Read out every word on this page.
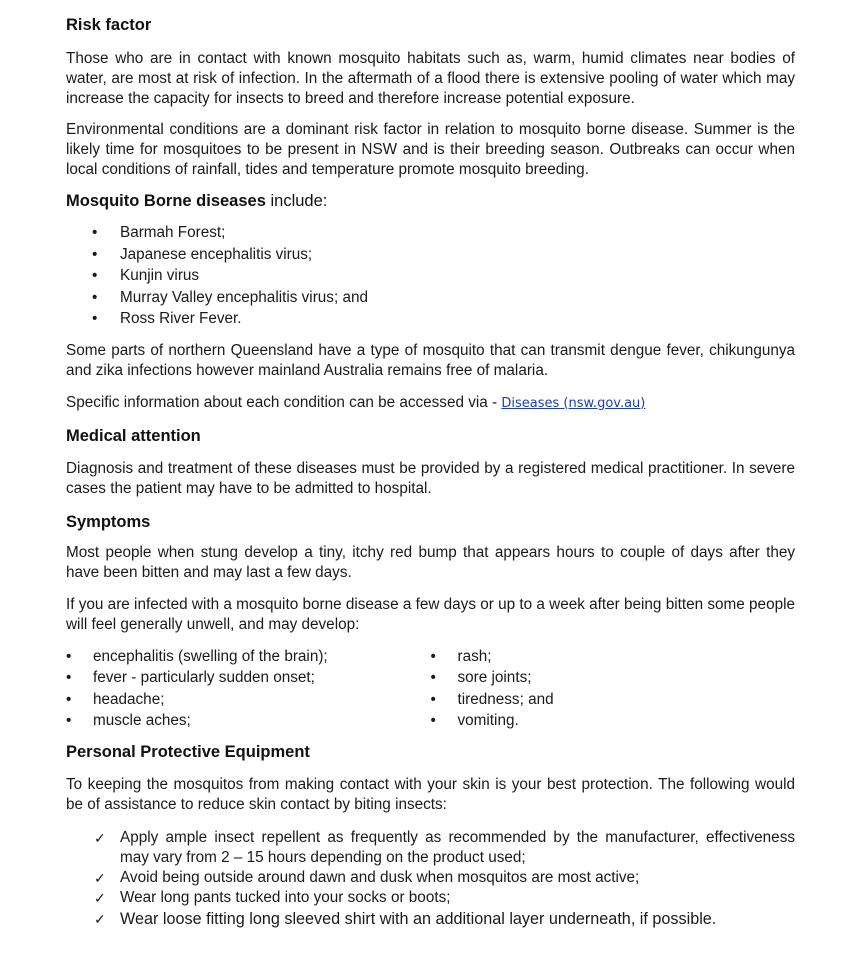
Risk factor

Those who are in contact with known mosquito habitats such as, warm, humid climates near bodies of water, are most at risk of infection. In the aftermath of a flood there is extensive pooling of water which may increase the capacity for insects to breed and therefore increase potential exposure.

Environmental conditions are a dominant risk factor in relation to mosquito borne disease. Summer is the likely time for mosquitoes to be present in NSW and is their breeding season. Outbreaks can occur when local conditions of rainfall, tides and temperature promote mosquito breeding.

Mosquito Borne diseases include:
• Barmah Forest;
• Japanese encephalitis virus;
• Kunjin virus
• Murray Valley encephalitis virus; and
• Ross River Fever.

Some parts of northern Queensland have a type of mosquito that can transmit dengue fever, chikungunya and zika infections however mainland Australia remains free of malaria.

Specific information about each condition can be accessed via - Diseases (nsw.gov.au)

Medical attention

Diagnosis and treatment of these diseases must be provided by a registered medical practitioner. In severe cases the patient may have to be admitted to hospital.

Symptoms

Most people when stung develop a tiny, itchy red bump that appears hours to couple of days after they have been bitten and may last a few days.

If you are infected with a mosquito borne disease a few days or up to a week after being bitten some people will feel generally unwell, and may develop:

• encephalitis (swelling of the brain);
• fever - particularly sudden onset;
• headache;
• muscle aches;
• rash;
• sore joints;
• tiredness; and
• vomiting.
Personal Protective Equipment

To keeping the mosquitos from making contact with your skin is your best protection. The following would be of assistance to reduce skin contact by biting insects:

✓ Apply ample insect repellent as frequently as recommended by the manufacturer, effectiveness may vary from 2 – 15 hours depending on the product used;
✓ Avoid being outside around dawn and dusk when mosquitos are most active;
✓ Wear long pants tucked into your socks or boots;
✓ Wear loose fitting long sleeved shirt with an additional layer underneath, if possible.
